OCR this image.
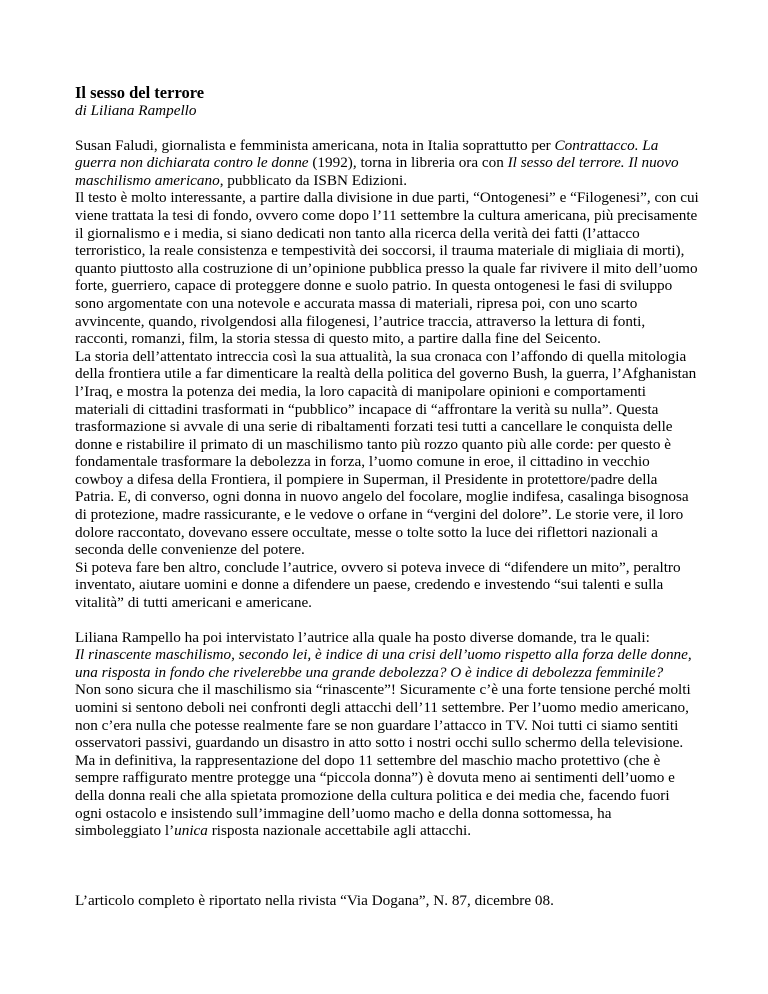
Il sesso del terrore

di Liliana Rampello

Susan Faludi, giornalista e femminista americana, nota in Italia soprattutto per Contrattacco. La guerra non dichiarata contro le donne (1992), torna in libreria ora con Il sesso del terrore. Il nuovo maschilismo americano, pubblicato da ISBN Edizioni.

Il testo è molto interessante, a partire dalla divisione in due parti, “Ontogenesi” e “Filogenesi”, con cui viene trattata la tesi di fondo, ovvero come dopo l’11 settembre la cultura americana, più precisamente il giornalismo e i media, si siano dedicati non tanto alla ricerca della verità dei fatti (l’attacco terroristico, la reale consistenza e tempestività dei soccorsi, il trauma materiale di migliaia di morti), quanto piuttosto alla costruzione di un’opinione pubblica presso la quale far rivivere il mito dell’uomo forte, guerriero, capace di proteggere donne e suolo patrio. In questa ontogenesi le fasi di sviluppo sono argomentate con una notevole e accurata massa di materiali, ripresa poi, con uno scarto avvincente, quando, rivolgendosi alla filogenesi, l’autrice traccia, attraverso la lettura di fonti, racconti, romanzi, film, la storia stessa di questo mito, a partire dalla fine del Seicento.

La storia dell’attentato intreccia così la sua attualità, la sua cronaca con l’affondo di quella mitologia della frontiera utile a far dimenticare la realtà della politica del governo Bush, la guerra, l’Afghanistan l’Iraq, e mostra la potenza dei media, la loro capacità di manipolare opinioni e comportamenti materiali di cittadini trasformati in “pubblico” incapace di “affrontare la verità su nulla”. Questa trasformazione si avvale di una serie di ribaltamenti forzati tesi tutti a cancellare le conquista delle donne e ristabilire il primato di un maschilismo tanto più rozzo quanto più alle corde: per questo è fondamentale trasformare la debolezza in forza, l’uomo comune in eroe, il cittadino in vecchio cowboy a difesa della Frontiera, il pompiere in Superman, il Presidente in protettore/padre della Patria. E, di converso, ogni donna in nuovo angelo del focolare, moglie indifesa, casalinga bisognosa di protezione, madre rassicurante, e le vedove o orfane in “vergini del dolore”. Le storie vere, il loro dolore raccontato, dovevano essere occultate, messe o tolte sotto la luce dei riflettori nazionali a seconda delle convenienze del potere.

Si poteva fare ben altro, conclude l’autrice, ovvero si poteva invece di “difendere un mito”, peraltro inventato, aiutare uomini e donne a difendere un paese, credendo e investendo “sui talenti e sulla vitalità” di tutti americani e americane.

Liliana Rampello ha poi intervistato l’autrice alla quale ha posto diverse domande, tra le quali:

Il rinascente maschilismo, secondo lei, è indice di una crisi dell’uomo rispetto alla forza delle donne, una risposta in fondo che rivelerebbe una grande debolezza? O è indice di debolezza femminile?

Non sono sicura che il maschilismo sia “rinascente”! Sicuramente c’è una forte tensione perché molti uomini si sentono deboli nei confronti degli attacchi dell’11 settembre. Per l’uomo medio americano, non c’era nulla che potesse realmente fare se non guardare l’attacco in TV. Noi tutti ci siamo sentiti osservatori passivi, guardando un disastro in atto sotto i nostri occhi sullo schermo della televisione. Ma in definitiva, la rappresentazione del dopo 11 settembre del maschio macho protettivo (che è sempre raffigurato mentre protegge una “piccola donna”) è dovuta meno ai sentimenti dell’uomo e della donna reali che alla spietata promozione della cultura politica e dei media che, facendo fuori ogni ostacolo e insistendo sull’immagine dell’uomo macho e della donna sottomessa, ha simboleggiato l’unica risposta nazionale accettabile agli attacchi.

L’articolo completo è riportato nella rivista “Via Dogana”, N. 87, dicembre 08.
